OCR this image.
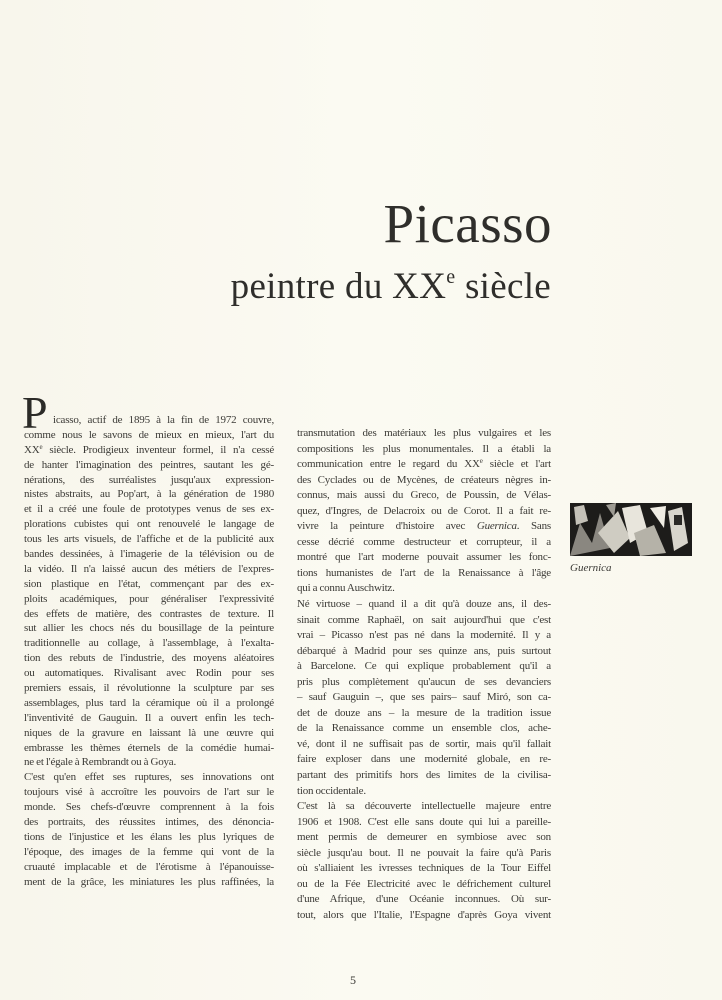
Picasso
peintre du XXe siècle
P icasso, actif de 1895 à la fin de 1972 couvre,
comme nous le savons de mieux en mieux, l'art du
XXe siècle. Prodigieux inventeur formel, il n'a cessé
de hanter l'imagination des peintres, sautant les gé-
nérations, des surréalistes jusqu'aux expression-
nistes abstraits, au Pop'art, à la génération de 1980
et il a créé une foule de prototypes venus de ses ex-
plorations cubistes qui ont renouvelé le langage de
tous les arts visuels, de l'affiche et de la publicité aux
bandes dessinées, à l'imagerie de la télévision ou de
la vidéo. Il n'a laissé aucun des métiers de l'expres-
sion plastique en l'état, commençant par des ex-
ploits académiques, pour généraliser l'expressivité
des effets de matière, des contrastes de texture. Il
sut allier les chocs nés du bousillage de la peinture
traditionnelle au collage, à l'assemblage, à l'exalta-
tion des rebuts de l'industrie, des moyens aléatoires
ou automatiques. Rivalisant avec Rodin pour ses
premiers essais, il révolutionne la sculpture par ses
assemblages, plus tard la céramique où il a prolongé
l'inventivité de Gauguin. Il a ouvert enfin les tech-
niques de la gravure en laissant là une œuvre qui
embrasse les thèmes éternels de la comédie humai-
ne et l'égale à Rembrandt ou à Goya.
C'est qu'en effet ses ruptures, ses innovations ont
toujours visé à accroître les pouvoirs de l'art sur le
monde. Ses chefs-d'œuvre comprennent à la fois
des portraits, des réussites intimes, des dénoncia-
tions de l'injustice et les élans les plus lyriques de
l'époque, des images de la femme qui vont de la
cruauté implacable et de l'érotisme à l'épanouisse-
ment de la grâce, les miniatures les plus raffinées, la
transmutation des matériaux les plus vulgaires et les
compositions les plus monumentales. Il a établi la
communication entre le regard du XXe siècle et l'art
des Cyclades ou de Mycènes, de créateurs nègres in-
connus, mais aussi du Greco, de Poussin, de Vélas-
quez, d'Ingres, de Delacroix ou de Corot. Il a fait re-
vivre la peinture d'histoire avec Guernica. Sans
cesse décrié comme destructeur et corrupteur, il a
montré que l'art moderne pouvait assumer les fonc-
tions humanistes de l'art de la Renaissance à l'âge
qui a connu Auschwitz.
Né virtuose – quand il a dit qu'à douze ans, il des-
sinait comme Raphaël, on sait aujourd'hui que c'est
vrai – Picasso n'est pas né dans la modernité. Il y a
débarqué à Madrid pour ses quinze ans, puis surtout
à Barcelone. Ce qui explique probablement qu'il a
pris plus complètement qu'aucun de ses devanciers
– sauf Gauguin –, que ses pairs– sauf Miró, son ca-
det de douze ans – la mesure de la tradition issue
de la Renaissance comme un ensemble clos, ache-
vé, dont il ne suffisait pas de sortir, mais qu'il fallait
faire exploser dans une modernité globale, en re-
partant des primitifs hors des limites de la civilisa-
tion occidentale.
C'est là sa découverte intellectuelle majeure entre
1906 et 1908. C'est elle sans doute qui lui a pareille-
ment permis de demeurer en symbiose avec son
siècle jusqu'au bout. Il ne pouvait la faire qu'à Paris
où s'alliaient les ivresses techniques de la Tour Eiffel
ou de la Fée Electricité avec le défrichement culturel
d'une Afrique, d'une Océanie inconnues. Où sur-
tout, alors que l'Italie, l'Espagne d'après Goya vivent
Guernica
5
